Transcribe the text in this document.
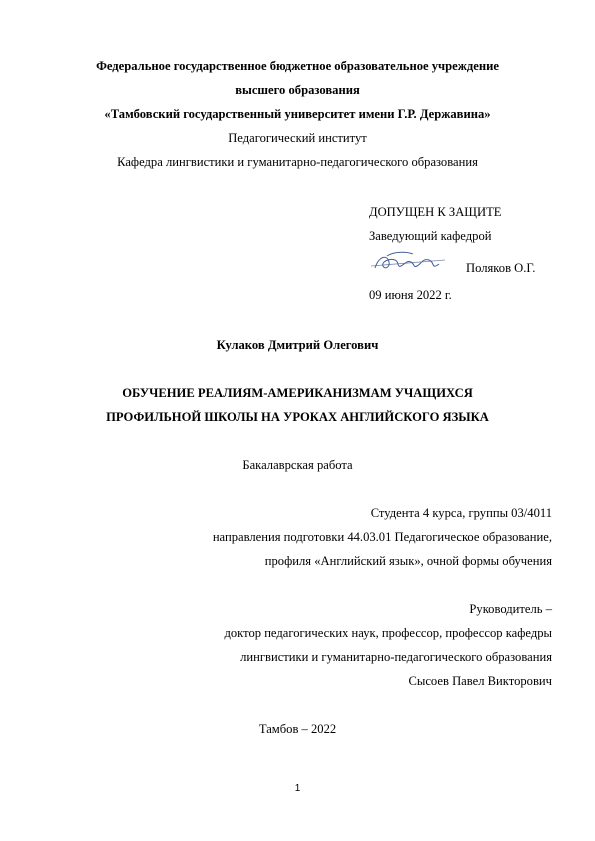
Федеральное государственное бюджетное образовательное учреждение
высшего образования
«Тамбовский государственный университет имени Г.Р. Державина»
Педагогический институт
Кафедра лингвистики и гуманитарно-педагогического образования
ДОПУЩЕН К ЗАЩИТЕ
Заведующий кафедрой
Поляков О.Г.
09 июня 2022 г.
Кулаков Дмитрий Олегович
ОБУЧЕНИЕ РЕАЛИЯМ-АМЕРИКАНИЗМАМ УЧАЩИХСЯ
ПРОФИЛЬНОЙ ШКОЛЫ НА УРОКАХ АНГЛИЙСКОГО ЯЗЫКА
Бакалаврская работа
Студента 4 курса, группы 03/4011
направления подготовки 44.03.01 Педагогическое образование,
профиля «Английский язык», очной формы обучения
Руководитель –
доктор педагогических наук, профессор, профессор кафедры
лингвистики и гуманитарно-педагогического образования
Сысоев Павел Викторович
Тамбов – 2022
1
